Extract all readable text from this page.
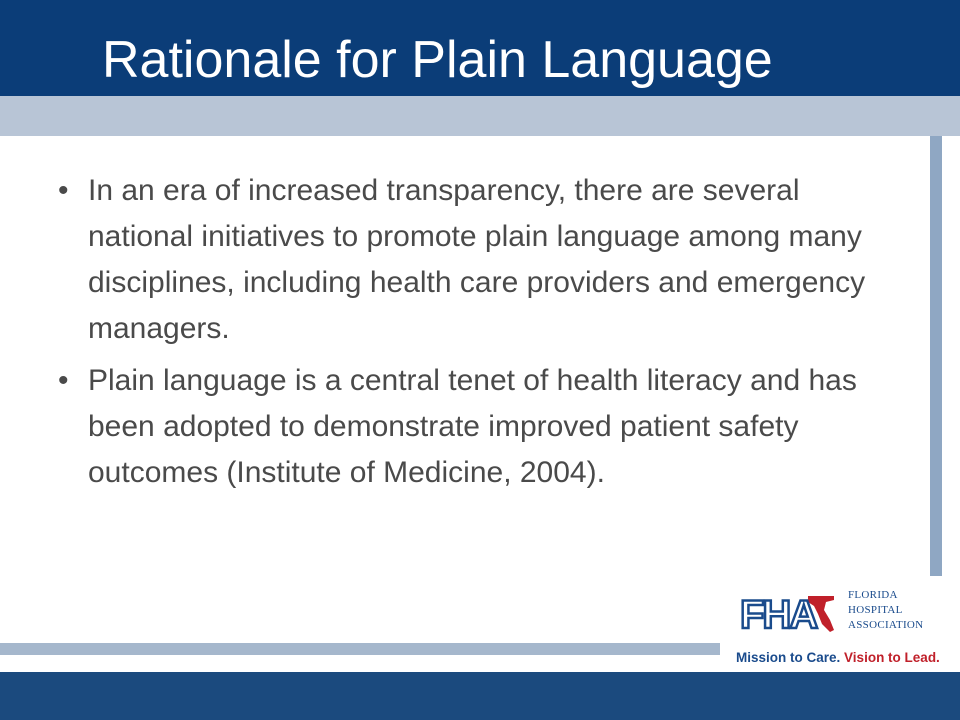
Rationale for Plain Language
• In an era of increased transparency, there are several national initiatives to promote plain language among many disciplines, including health care providers and emergency managers.
• Plain language is a central tenet of health literacy and has been adopted to demonstrate improved patient safety outcomes (Institute of Medicine, 2004).
FHA	FLORIDA
HOSPITAL
ASSOCIATION
Mission to Care. Vision to Lead.
